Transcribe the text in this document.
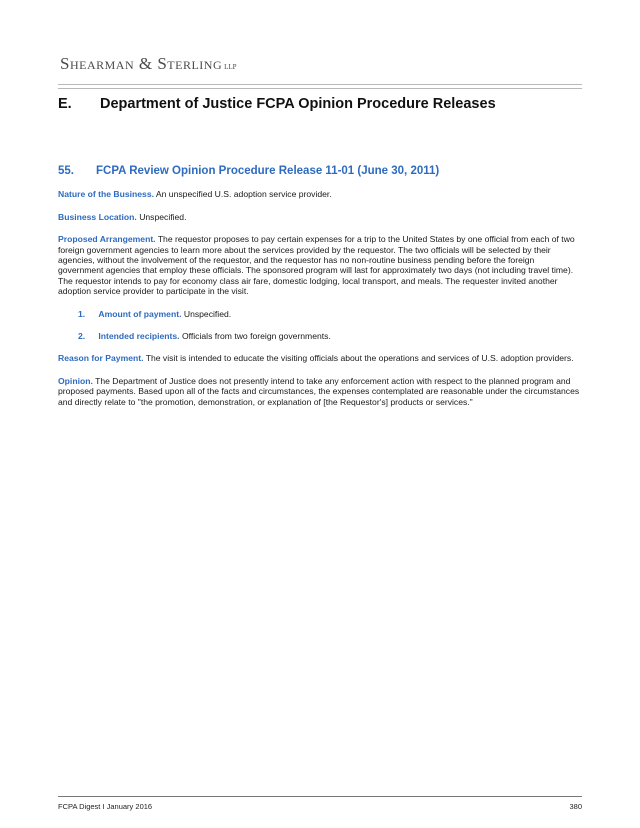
Shearman & Sterling LLP
E. Department of Justice FCPA Opinion Procedure Releases
55. FCPA Review Opinion Procedure Release 11-01 (June 30, 2011)

Nature of the Business. An unspecified U.S. adoption service provider.

Business Location. Unspecified.

Proposed Arrangement. The requestor proposes to pay certain expenses for a trip to the United States by one official from each of two foreign government agencies to learn more about the services provided by the requestor. The two officials will be selected by their agencies, without the involvement of the requestor, and the requestor has no non-routine business pending before the foreign government agencies that employ these officials. The sponsored program will last for approximately two days (not including travel time). The requestor intends to pay for economy class air fare, domestic lodging, local transport, and meals. The requester invited another adoption service provider to participate in the visit.

1. Amount of payment. Unspecified.
2. Intended recipients. Officials from two foreign governments.

Reason for Payment. The visit is intended to educate the visiting officials about the operations and services of U.S. adoption providers.

Opinion. The Department of Justice does not presently intend to take any enforcement action with respect to the planned program and proposed payments. Based upon all of the facts and circumstances, the expenses contemplated are reasonable under the circumstances and directly relate to "the promotion, demonstration, or explanation of [the Requestor's] products or services."

FCPA Digest I January 2016	380
